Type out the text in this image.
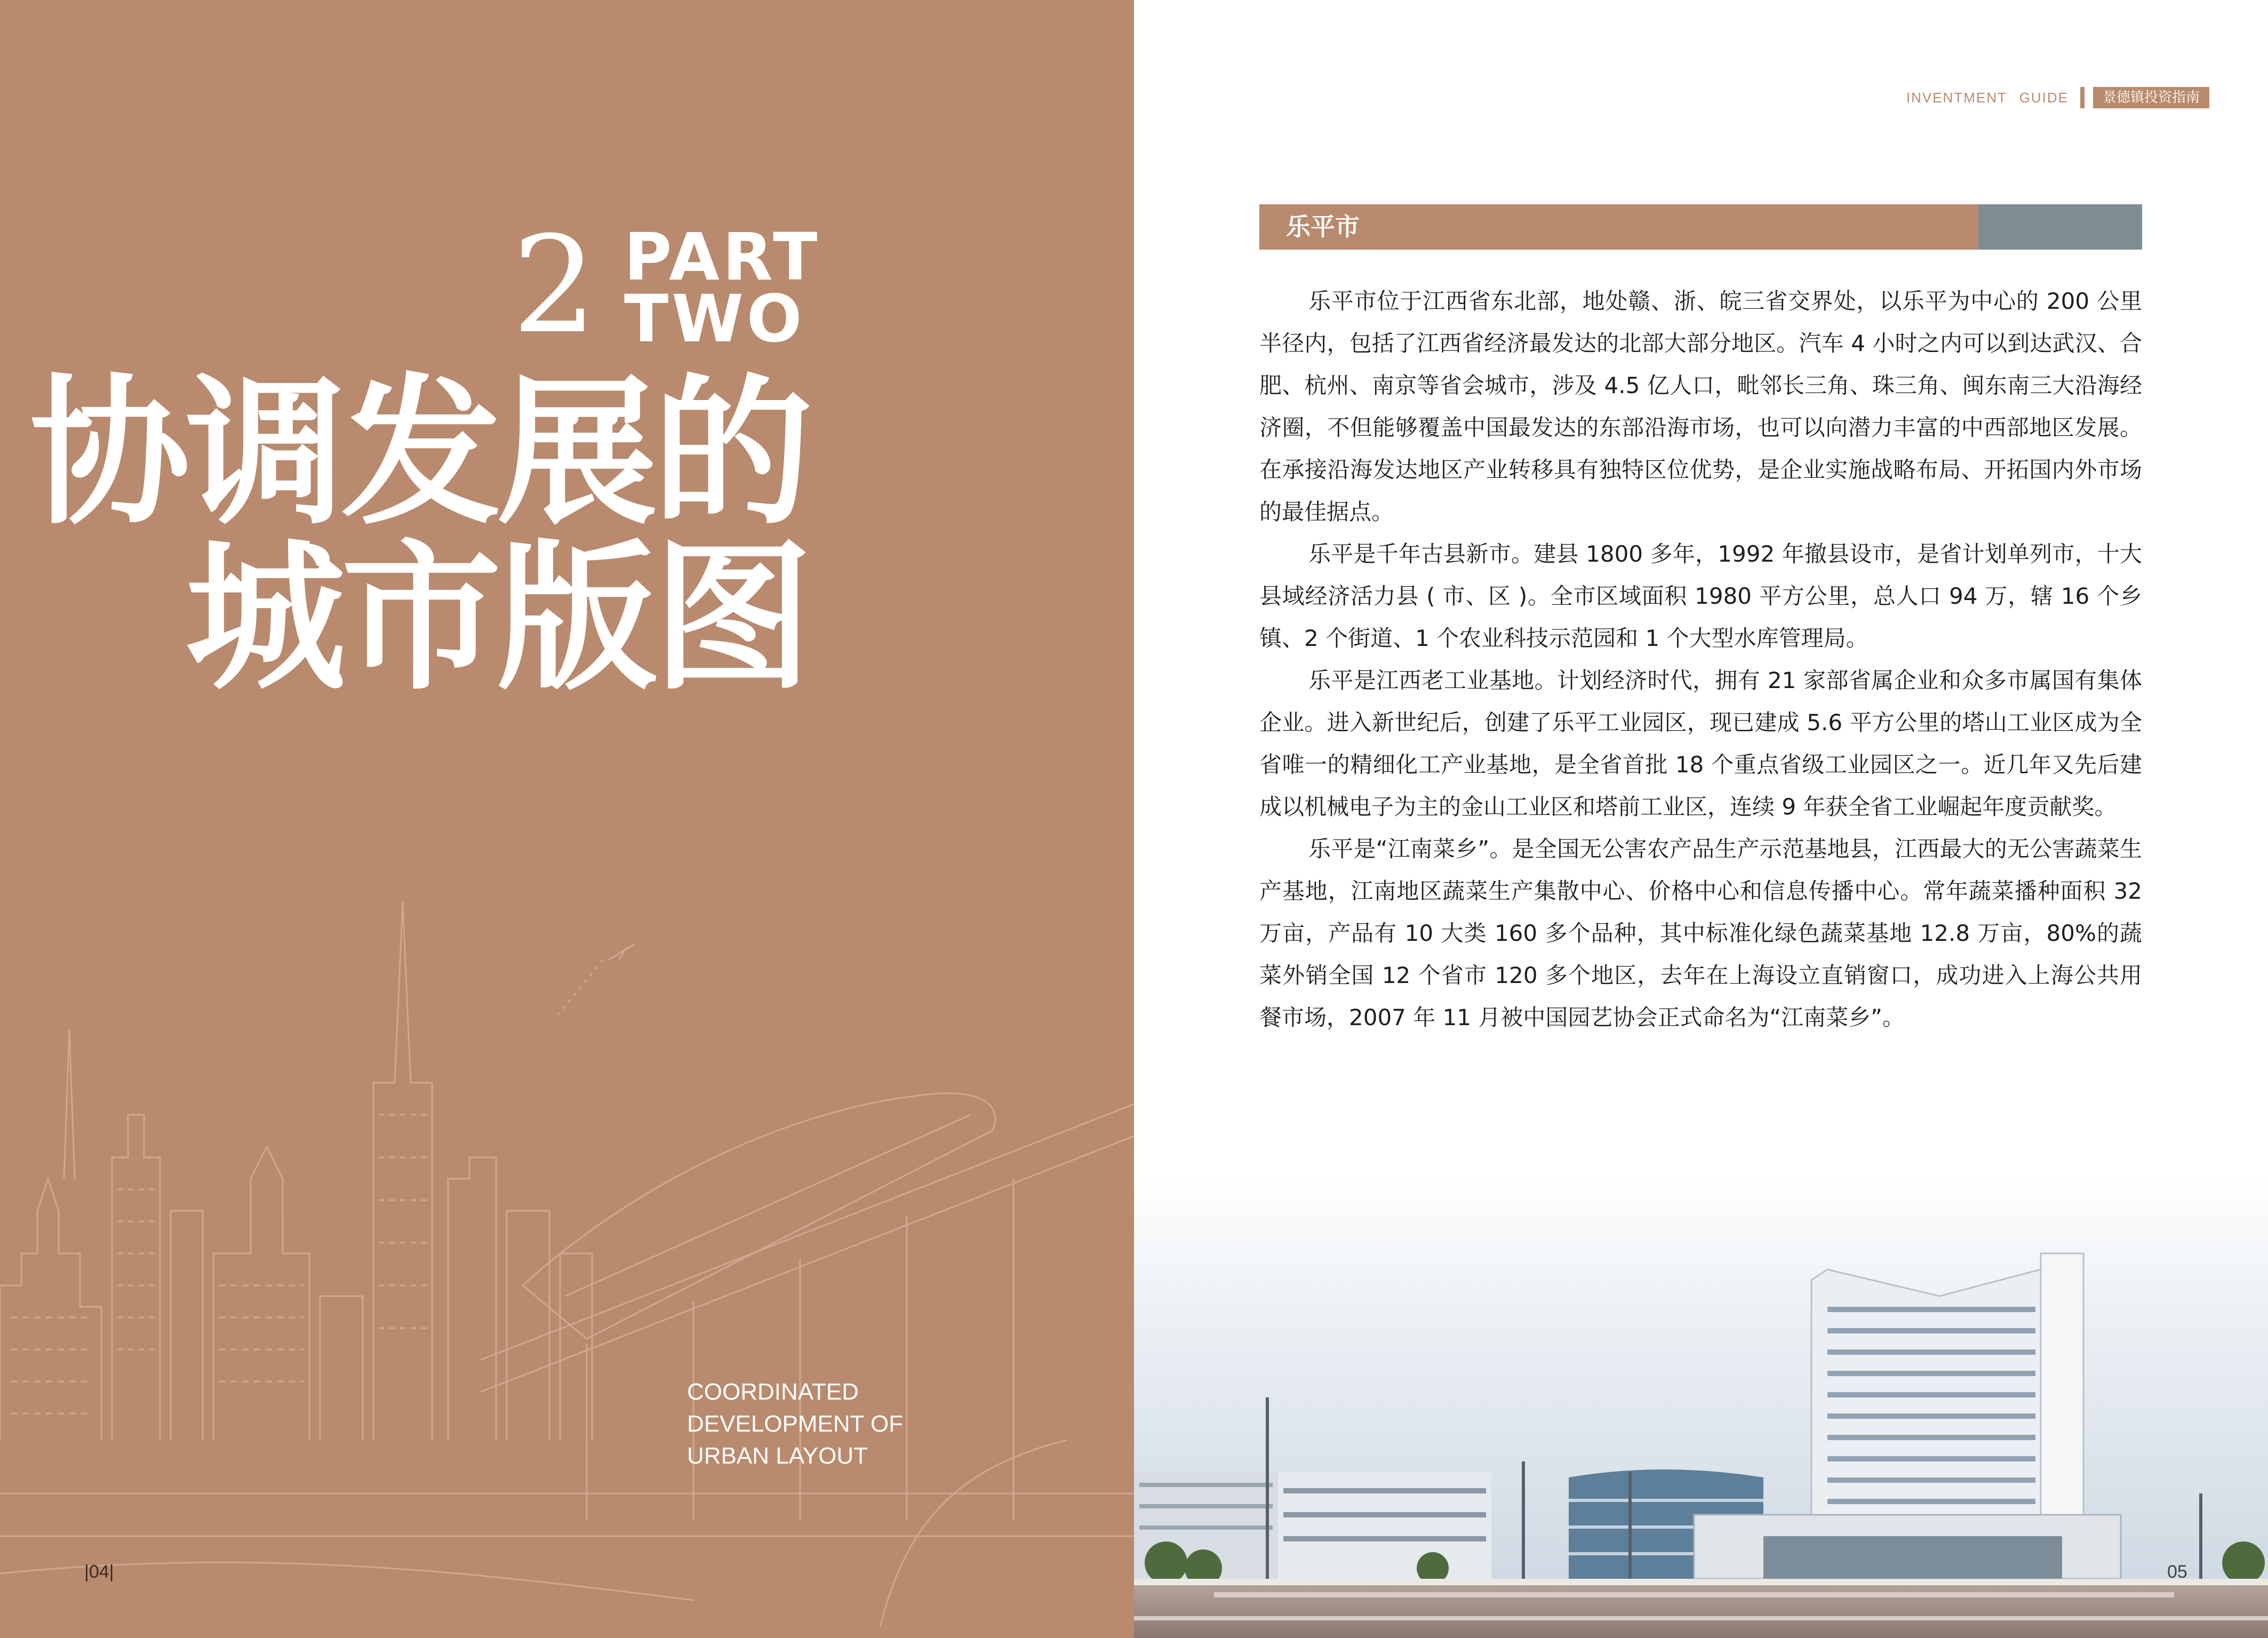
2 PART
TWO
协调发展的
城市版图
COORDINATED
DEVELOPMENT OF
URBAN LAYOUT
|04|
INVENTMENT GUIDE	景德镇投资指南
乐平市

乐平市位于江西省东北部，地处赣、浙、皖三省交界处，以乐平为中心的 200 公里半径内，包括了江西省经济最发达的北部大部分地区。汽车 4 小时之内可以到达武汉、合肥、杭州、南京等省会城市，涉及 4.5 亿人口，毗邻长三角、珠三角、闽东南三大沿海经济圈，不但能够覆盖中国最发达的东部沿海市场，也可以向潜力丰富的中西部地区发展。在承接沿海发达地区产业转移具有独特区位优势，是企业实施战略布局、开拓国内外市场的最佳据点。

乐平是千年古县新市。建县 1800 多年，1992 年撤县设市，是省计划单列市，十大县域经济活力县 ( 市、区 )。全市区域面积 1980 平方公里，总人口 94 万，辖 16 个乡镇、2 个街道、1 个农业科技示范园和 1 个大型水库管理局。

乐平是江西老工业基地。计划经济时代，拥有 21 家部省属企业和众多市属国有集体企业。进入新世纪后，创建了乐平工业园区，现已建成 5.6 平方公里的塔山工业区成为全省唯一的精细化工产业基地，是全省首批 18 个重点省级工业园区之一。近几年又先后建成以机械电子为主的金山工业区和塔前工业区，连续 9 年获全省工业崛起年度贡献奖。

乐平是“江南菜乡”。是全国无公害农产品生产示范基地县，江西最大的无公害蔬菜生产基地，江南地区蔬菜生产集散中心、价格中心和信息传播中心。常年蔬菜播种面积 32 万亩，产品有 10 大类 160 多个品种，其中标准化绿色蔬菜基地 12.8 万亩，80%的蔬菜外销全国 12 个省市 120 多个地区，去年在上海设立直销窗口，成功进入上海公共用餐市场，2007 年 11 月被中国园艺协会正式命名为“江南菜乡”。

05
